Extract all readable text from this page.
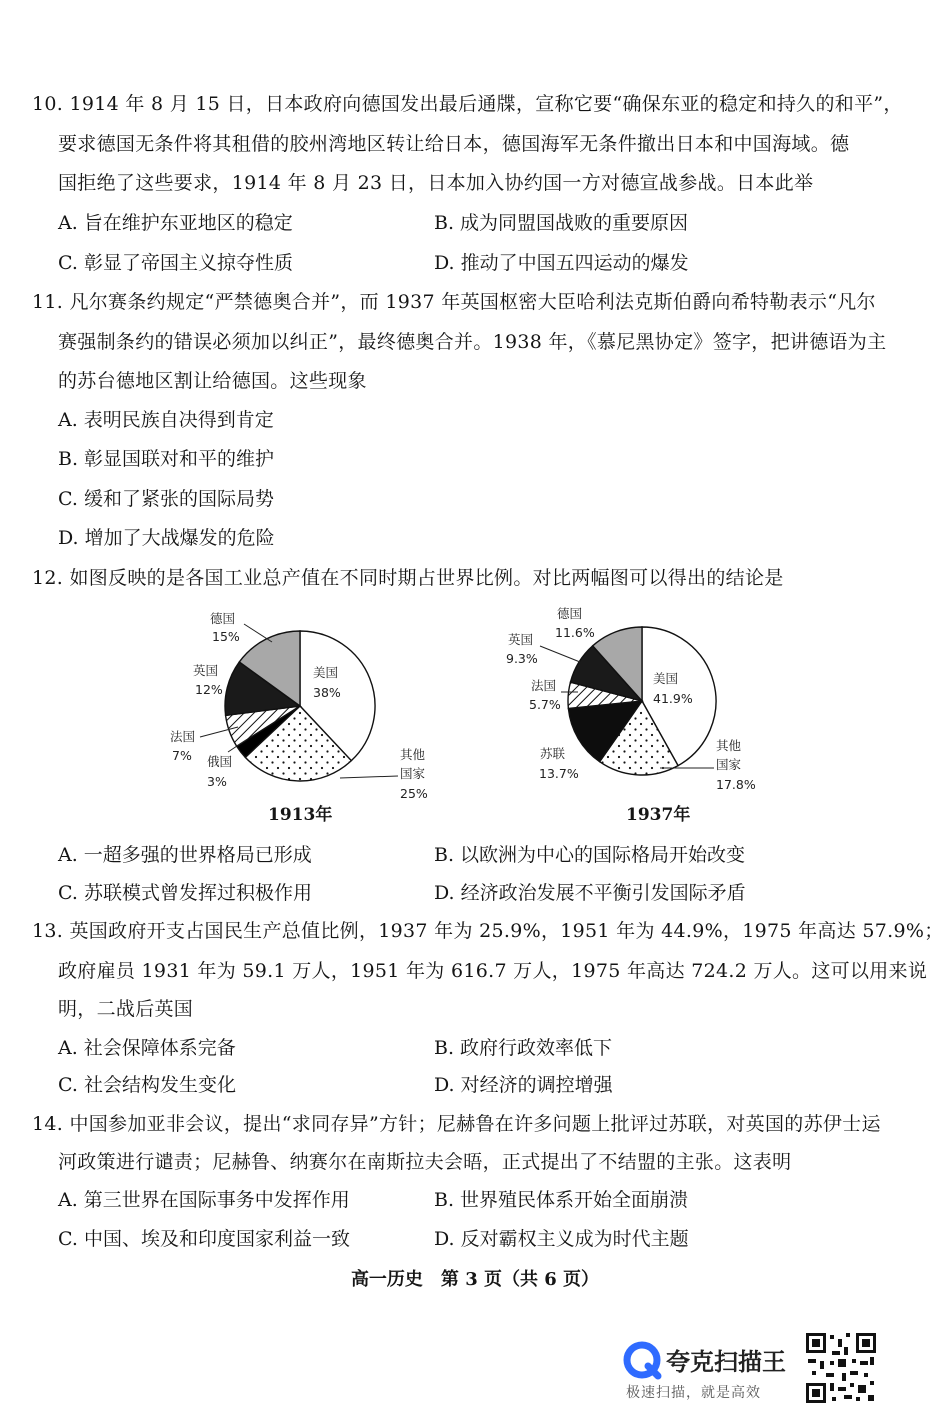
10. 1914 年 8 月 15 日，日本政府向德国发出最后通牒，宣称它要“确保东亚的稳定和持久的和平”，
要求德国无条件将其租借的胶州湾地区转让给日本，德国海军无条件撤出日本和中国海域。德
国拒绝了这些要求，1914 年 8 月 23 日，日本加入协约国一方对德宣战参战。日本此举
A. 旨在维护东亚地区的稳定	B. 成为同盟国战败的重要原因
C. 彰显了帝国主义掠夺性质	D. 推动了中国五四运动的爆发
11. 凡尔赛条约规定“严禁德奥合并”，而 1937 年英国枢密大臣哈利法克斯伯爵向希特勒表示“凡尔
赛强制条约的错误必须加以纠正”，最终德奥合并。1938 年，《慕尼黑协定》签字，把讲德语为主
的苏台德地区割让给德国。这些现象
A. 表明民族自决得到肯定
B. 彰显国联对和平的维护
C. 缓和了紧张的国际局势
D. 增加了大战爆发的危险
12. 如图反映的是各国工业总产值在不同时期占世界比例。对比两幅图可以得出的结论是
德国
15%
美国
38%
英国
12%
法国
7% 俄国
3%
其他
国家
25%
德国
11.6%
英国
9.3%
美国
41.9%
法国
5.7%
苏联
13.7%
其他
国家
17.8%
1913年	1937年
A. 一超多强的世界格局已形成	B. 以欧洲为中心的国际格局开始改变
C. 苏联模式曾发挥过积极作用	D. 经济政治发展不平衡引发国际矛盾
13. 英国政府开支占国民生产总值比例，1937 年为 25.9%，1951 年为 44.9%，1975 年高达 57.9%；
政府雇员 1931 年为 59.1 万人，1951 年为 616.7 万人，1975 年高达 724.2 万人。这可以用来说
明，二战后英国
A. 社会保障体系完备	B. 政府行政效率低下
C. 社会结构发生变化	D. 对经济的调控增强
14. 中国参加亚非会议，提出“求同存异”方针；尼赫鲁在许多问题上批评过苏联，对英国的苏伊士运
河政策进行谴责；尼赫鲁、纳赛尔在南斯拉夫会晤，正式提出了不结盟的主张。这表明
A. 第三世界在国际事务中发挥作用	B. 世界殖民体系开始全面崩溃
C. 中国、埃及和印度国家利益一致	D. 反对霸权主义成为时代主题
高一历史　第 3 页（共 6 页）
夸克扫描王
极速扫描，就是高效
